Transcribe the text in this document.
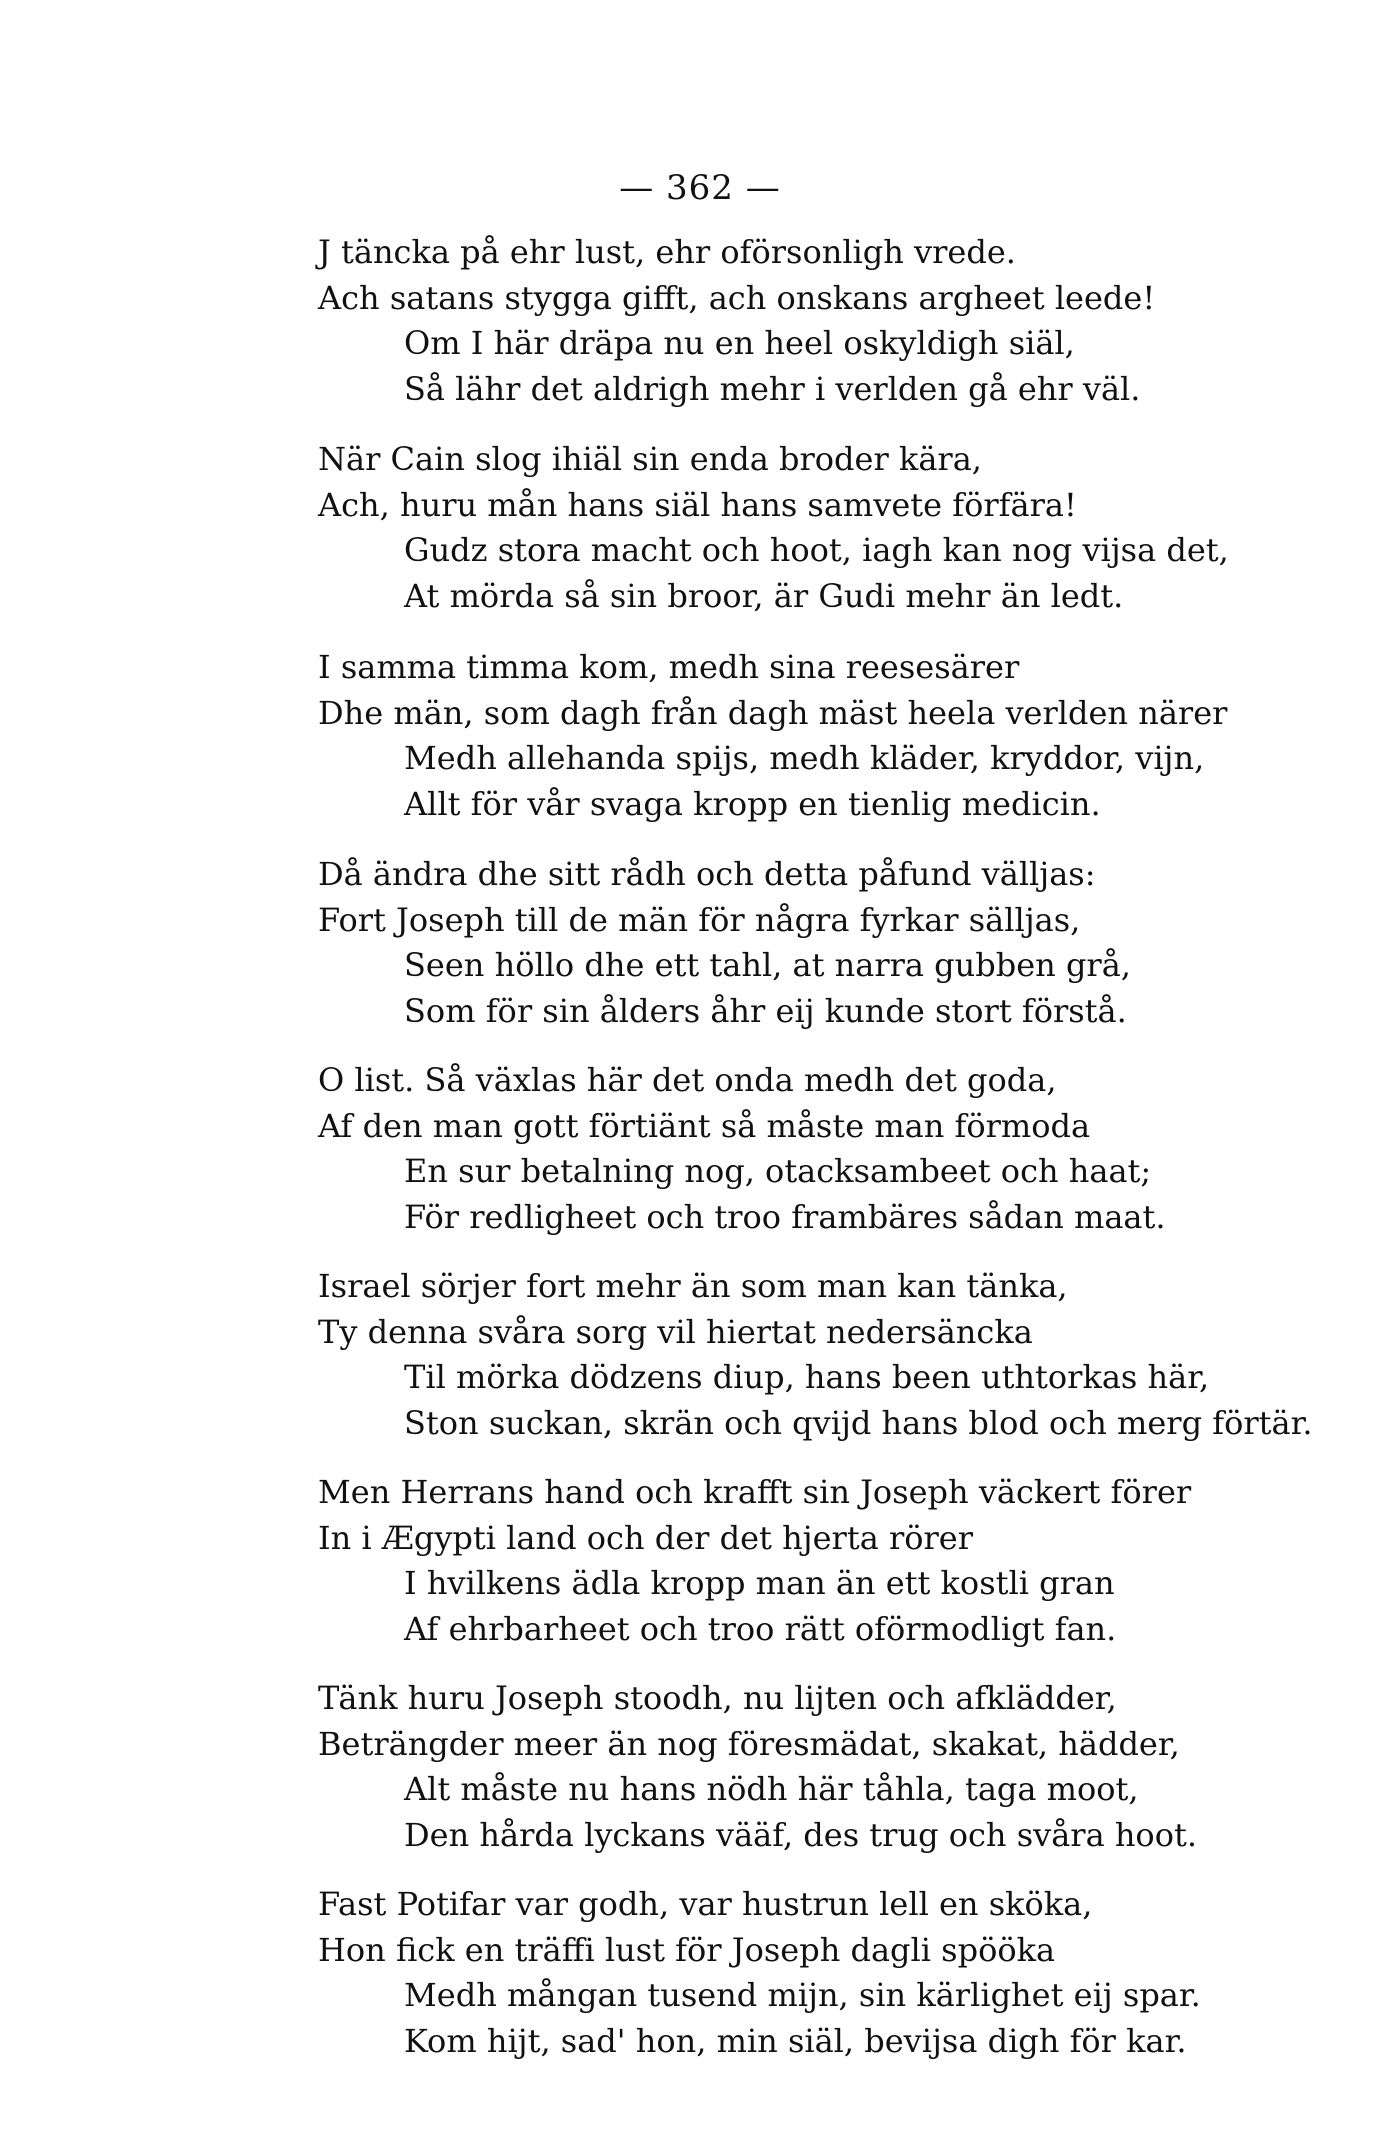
— 362 —
J täncka på ehr lust, ehr oförsonligh vrede.
Ach satans stygga gifft, ach onskans argheet leede!
Om I här dräpa nu en heel oskyldigh siäl,
Så lähr det aldrigh mehr i verlden gå ehr väl.
När Cain slog ihiäl sin enda broder kära,
Ach, huru mån hans siäl hans samvete förfära!
Gudz stora macht och hoot, iagh kan nog vijsa det,
At mörda så sin broor, är Gudi mehr än ledt.
I samma timma kom, medh sina reesesärer
Dhe män, som dagh från dagh mäst heela verlden närer
Medh allehanda spijs, medh kläder, kryddor, vijn,
Allt för vår svaga kropp en tienlig medicin.
Då ändra dhe sitt rådh och detta påfund välljas:
Fort Joseph till de män för några fyrkar sälljas,
Seen höllo dhe ett tahl, at narra gubben grå,
Som för sin ålders åhr eij kunde stort förstå.
O list. Så växlas här det onda medh det goda,
Af den man gott förtiänt så måste man förmoda
En sur betalning nog, otacksambeet och haat;
För redligheet och troo frambäres sådan maat.
Israel sörjer fort mehr än som man kan tänka,
Ty denna svåra sorg vil hiertat nedersäncka
Til mörka dödzens diup, hans been uthtorkas här,
Ston suckan, skrän och qvijd hans blod och merg förtär.
Men Herrans hand och krafft sin Joseph väckert förer
In i Ægypti land och der det hjerta rörer
I hvilkens ädla kropp man än ett kostli gran
Af ehrbarheet och troo rätt oförmodligt fan.
Tänk huru Joseph stoodh, nu lijten och afklädder,
Beträngder meer än nog föresmädat, skakat, hädder,
Alt måste nu hans nödh här tåhla, taga moot,
Den hårda lyckans vääf, des trug och svåra hoot.
Fast Potifar var godh, var hustrun lell en sköka,
Hon fick en träffi lust för Joseph dagli spööka
Medh mångan tusend mijn, sin kärlighet eij spar.
Kom hijt, sad' hon, min siäl, bevijsa digh för kar.
